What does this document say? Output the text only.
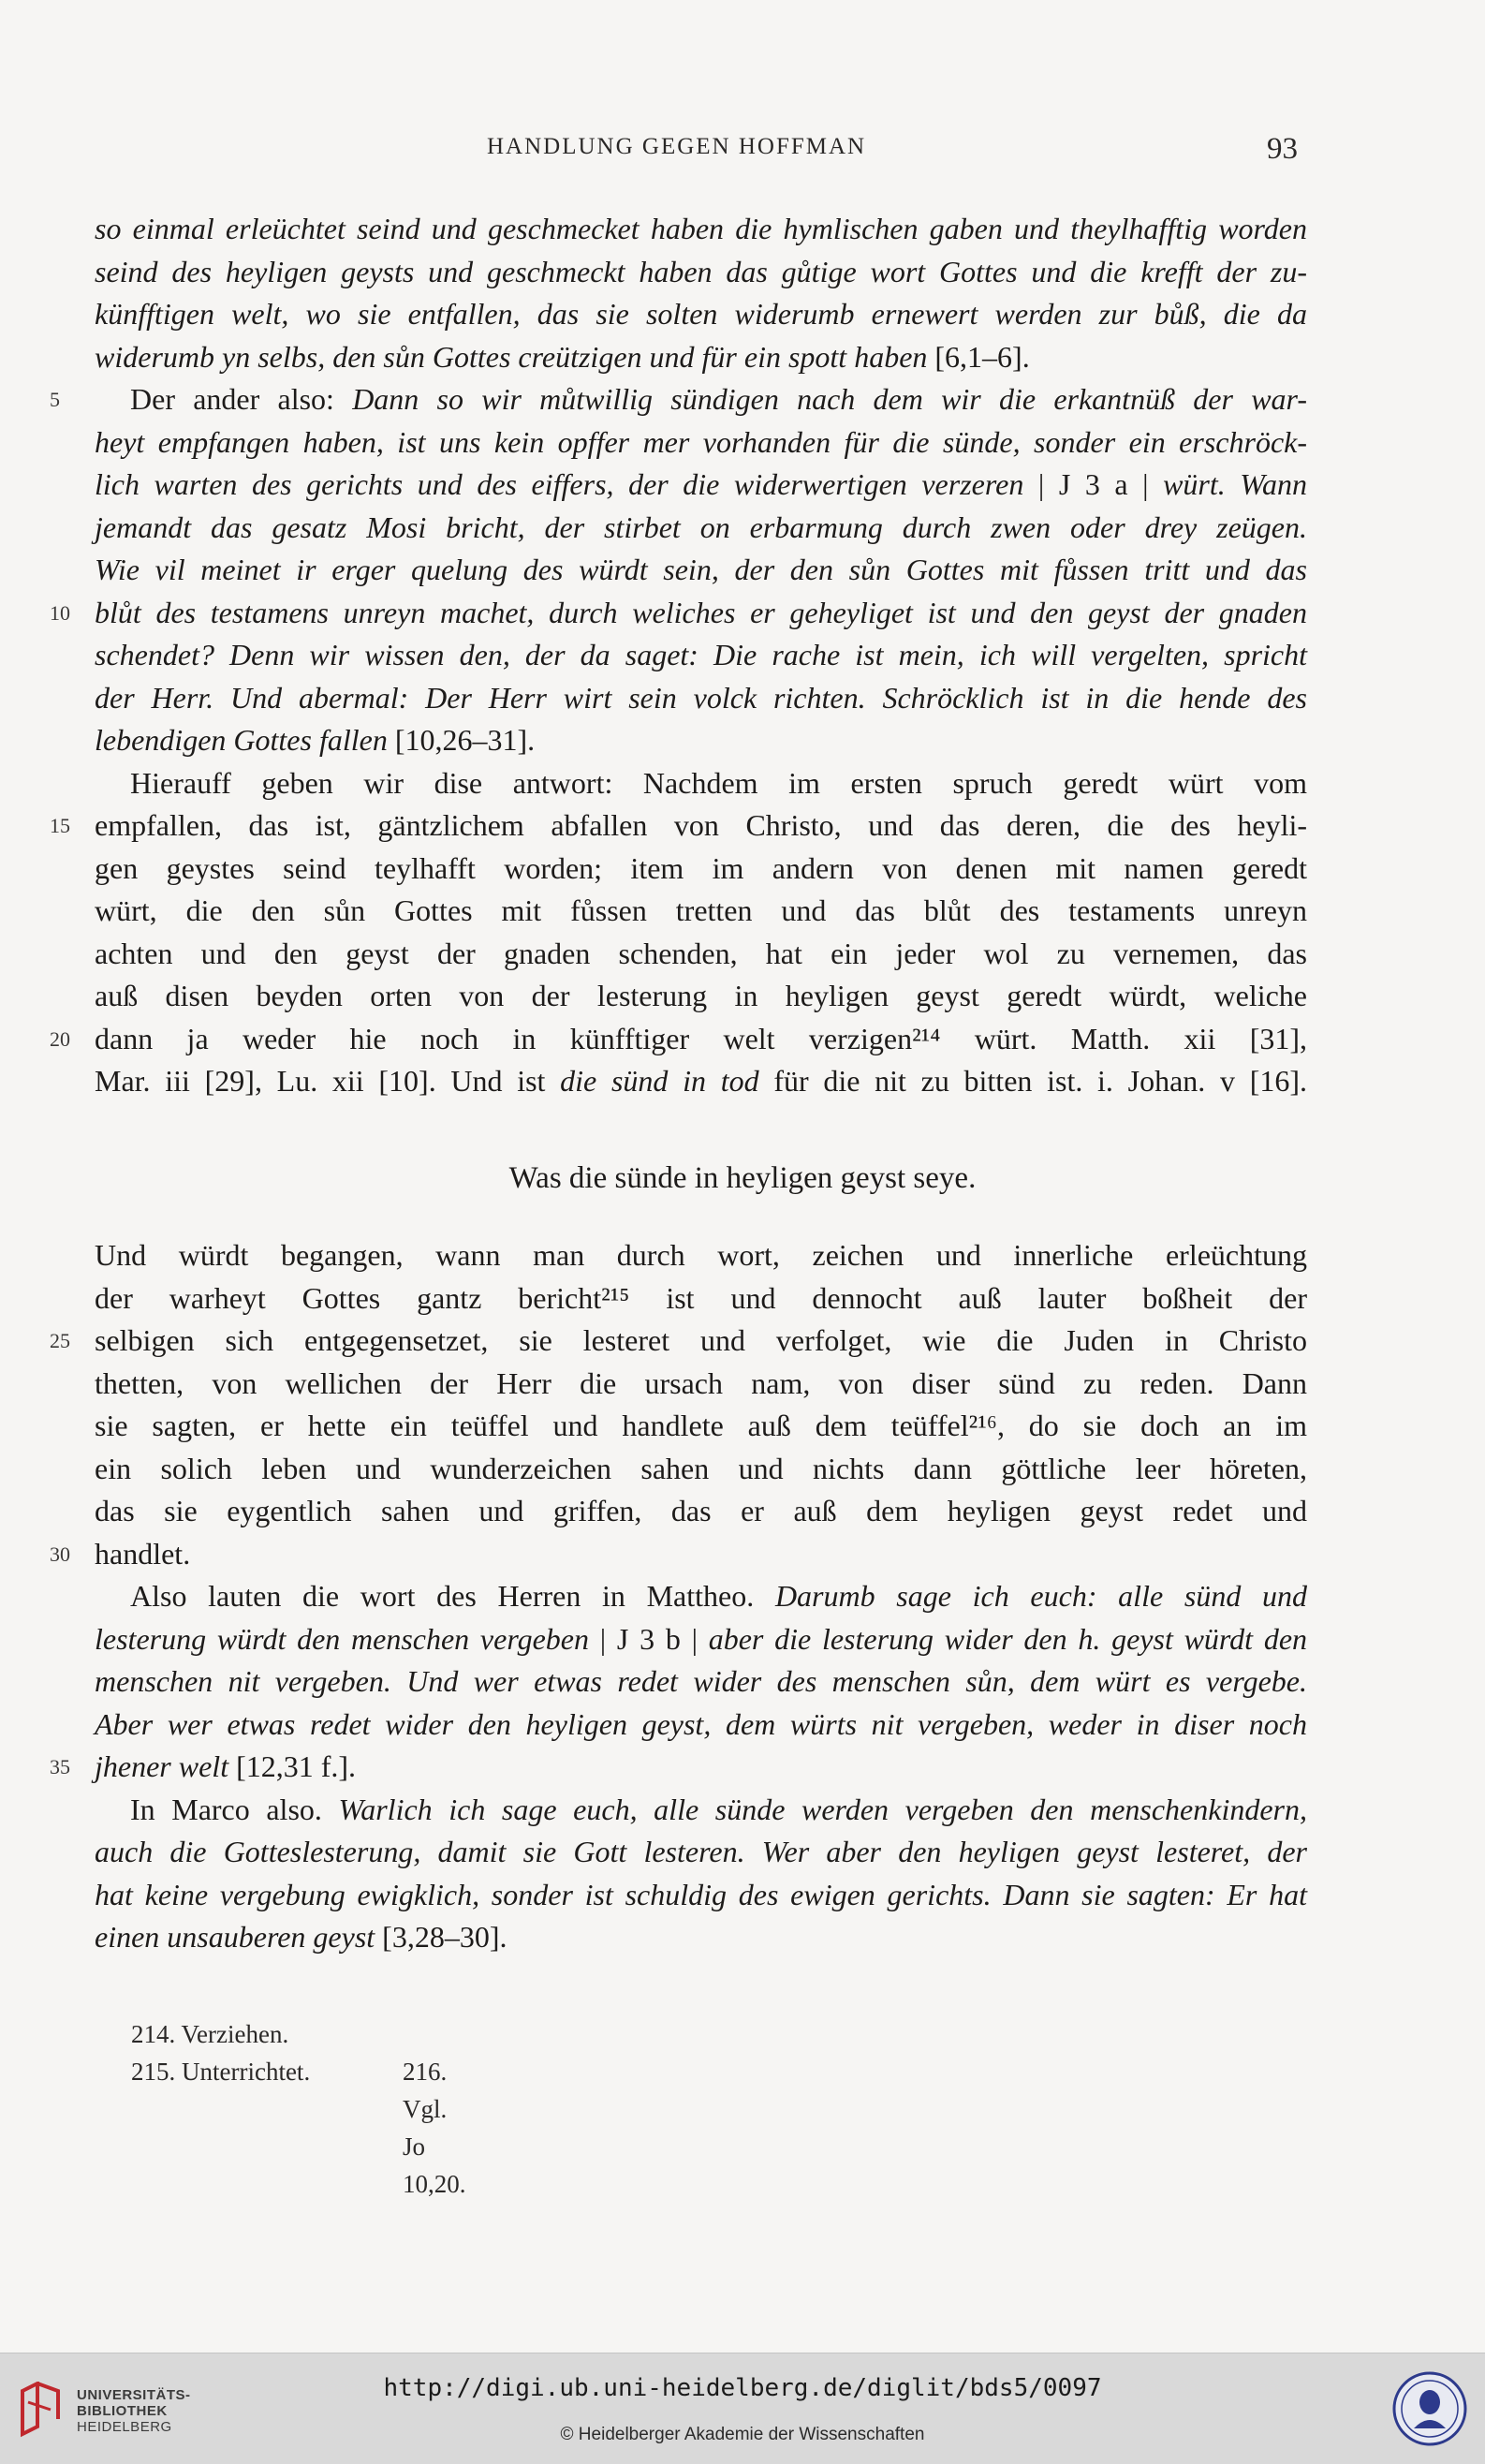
HANDLUNG GEGEN HOFFMAN	93
so einmal erleüchtet seind und geschmecket haben die hymlischen gaben und theylhafftig worden
seind des heyligen geysts und geschmeckt haben das gůtige wort Gottes und die krefft der zu-
künfftigen welt, wo sie entfallen, das sie solten widerumb ernewert werden zur bůß, die da
widerumb yn selbs, den sůn Gottes creützigen und für ein spott haben [6,1–6].
5 Der ander also: Dann so wir můtwillig sündigen nach dem wir die erkantnüß der war-
heyt empfangen haben, ist uns kein opffer mer vorhanden für die sünde, sonder ein erschröck-
lich warten des gerichts und des eiffers, der die widerwertigen verzeren | J 3 a | würt. Wann
jemandt das gesatz Mosi bricht, der stirbet on erbarmung durch zwen oder drey zeügen.
Wie vil meinet ir erger quelung des würdt sein, der den sůn Gottes mit fůssen tritt und das
10 blůt des testamens unreyn machet, durch weliches er geheyliget ist und den geyst der gnaden
schendet? Denn wir wissen den, der da saget: Die rache ist mein, ich will vergelten, spricht
der Herr. Und abermal: Der Herr wirt sein volck richten. Schröcklich ist in die hende des
lebendigen Gottes fallen [10,26–31].
Hierauff geben wir dise antwort: Nachdem im ersten spruch geredt würt vom
15 empfallen, das ist, gäntzlichem abfallen von Christo, und das deren, die des heyli-
gen geystes seind teylhafft worden; item im andern von denen mit namen geredt
würt, die den sůn Gottes mit fůssen tretten und das blůt des testaments unreyn
achten und den geyst der gnaden schenden, hat ein jeder wol zu vernemen, das
auß disen beyden orten von der lesterung in heyligen geyst geredt würdt, weliche
20 dann ja weder hie noch in künfftiger welt verzigen²¹⁴ würt. Matth. xii [31],
Mar. iii [29], Lu. xii [10]. Und ist die sünd in tod für die nit zu bitten ist. i. Johan. v [16].
Was die sünde in heyligen geyst seye.
Und würdt begangen, wann man durch wort, zeichen und innerliche erleüchtung
der warheyt Gottes gantz bericht²¹⁵ ist und dennocht auß lauter boßheit der
25 selbigen sich entgegensetzet, sie lesteret und verfolget, wie die Juden in Christo
thetten, von wellichen der Herr die ursach nam, von diser sünd zu reden. Dann
sie sagten, er hette ein teüffel und handlete auß dem teüffel²¹⁶, do sie doch an im
ein solich leben und wunderzeichen sahen und nichts dann göttliche leer höreten,
das sie eygentlich sahen und griffen, das er auß dem heyligen geyst redet und
30 handlet.
Also lauten die wort des Herren in Mattheo. Darumb sage ich euch: alle sünd und
lesterung würdt den menschen vergeben | J 3 b | aber die lesterung wider den h. geyst würdt den
menschen nit vergeben. Und wer etwas redet wider des menschen sůn, dem würt es vergebe.
Aber wer etwas redet wider den heyligen geyst, dem würts nit vergeben, weder in diser noch
35 jhener welt [12,31 f.].
In Marco also. Warlich ich sage euch, alle sünde werden vergeben den menschenkindern,
auch die Gotteslesterung, damit sie Gott lesteren. Wer aber den heyligen geyst lesteret, der
hat keine vergebung ewigklich, sonder ist schuldig des ewigen gerichts. Dann sie sagten: Er hat
einen unsauberen geyst [3,28–30].
214. Verziehen.
215. Unterrichtet.	216. Vgl. Jo 10,20.
UNIVERSITÄTS-
BIBLIOTHEK
HEIDELBERG
http://digi.ub.uni-heidelberg.de/diglit/bds5/0097
© Heidelberger Akademie der Wissenschaften
